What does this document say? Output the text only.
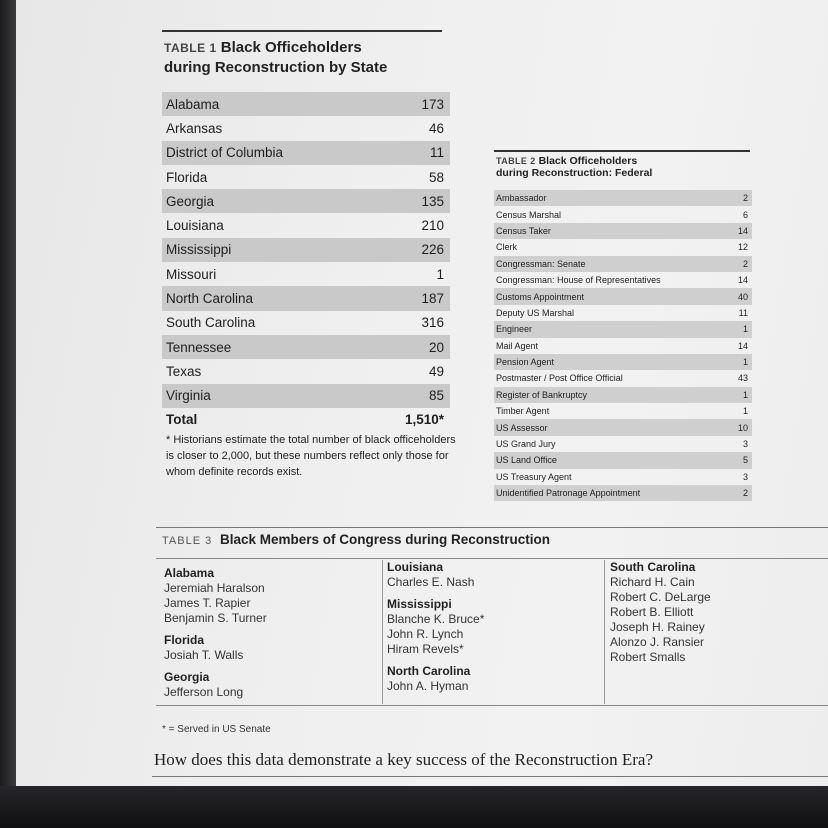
TABLE 1 Black Officeholders
during Reconstruction by State
Alabama	173
Arkansas	46
District of Columbia	11
Florida	58
Georgia	135
Louisiana	210
Mississippi	226
Missouri	1
North Carolina	187
South Carolina	316
Tennessee	20
Texas	49
Virginia	85
Total	1,510*
* Historians estimate the total number of black officeholders
is closer to 2,000, but these numbers reflect only those for
whom definite records exist.
TABLE 2 Black Officeholders
during Reconstruction: Federal
Ambassador	2
Census Marshal	6
Census Taker	14
Clerk	12
Congressman: Senate	2
Congressman: House of Representatives	14
Customs Appointment	40
Deputy US Marshal	11
Engineer	1
Mail Agent	14
Pension Agent	1
Postmaster / Post Office Official	43
Register of Bankruptcy	1
Timber Agent	1
US Assessor	10
US Grand Jury	3
US Land Office	5
US Treasury Agent	3
Unidentified Patronage Appointment	2
TABLE 3 Black Members of Congress during Reconstruction
Alabama
Jeremiah Haralson
James T. Rapier
Benjamin S. Turner
Florida
Josiah T. Walls
Georgia
Jefferson Long
Louisiana
Charles E. Nash
Mississippi
Blanche K. Bruce*
John R. Lynch
Hiram Revels*
North Carolina
John A. Hyman
South Carolina
Richard H. Cain
Robert C. DeLarge
Robert B. Elliott
Joseph H. Rainey
Alonzo J. Ransier
Robert Smalls
* = Served in US Senate
How does this data demonstrate a key success of the Reconstruction Era?
